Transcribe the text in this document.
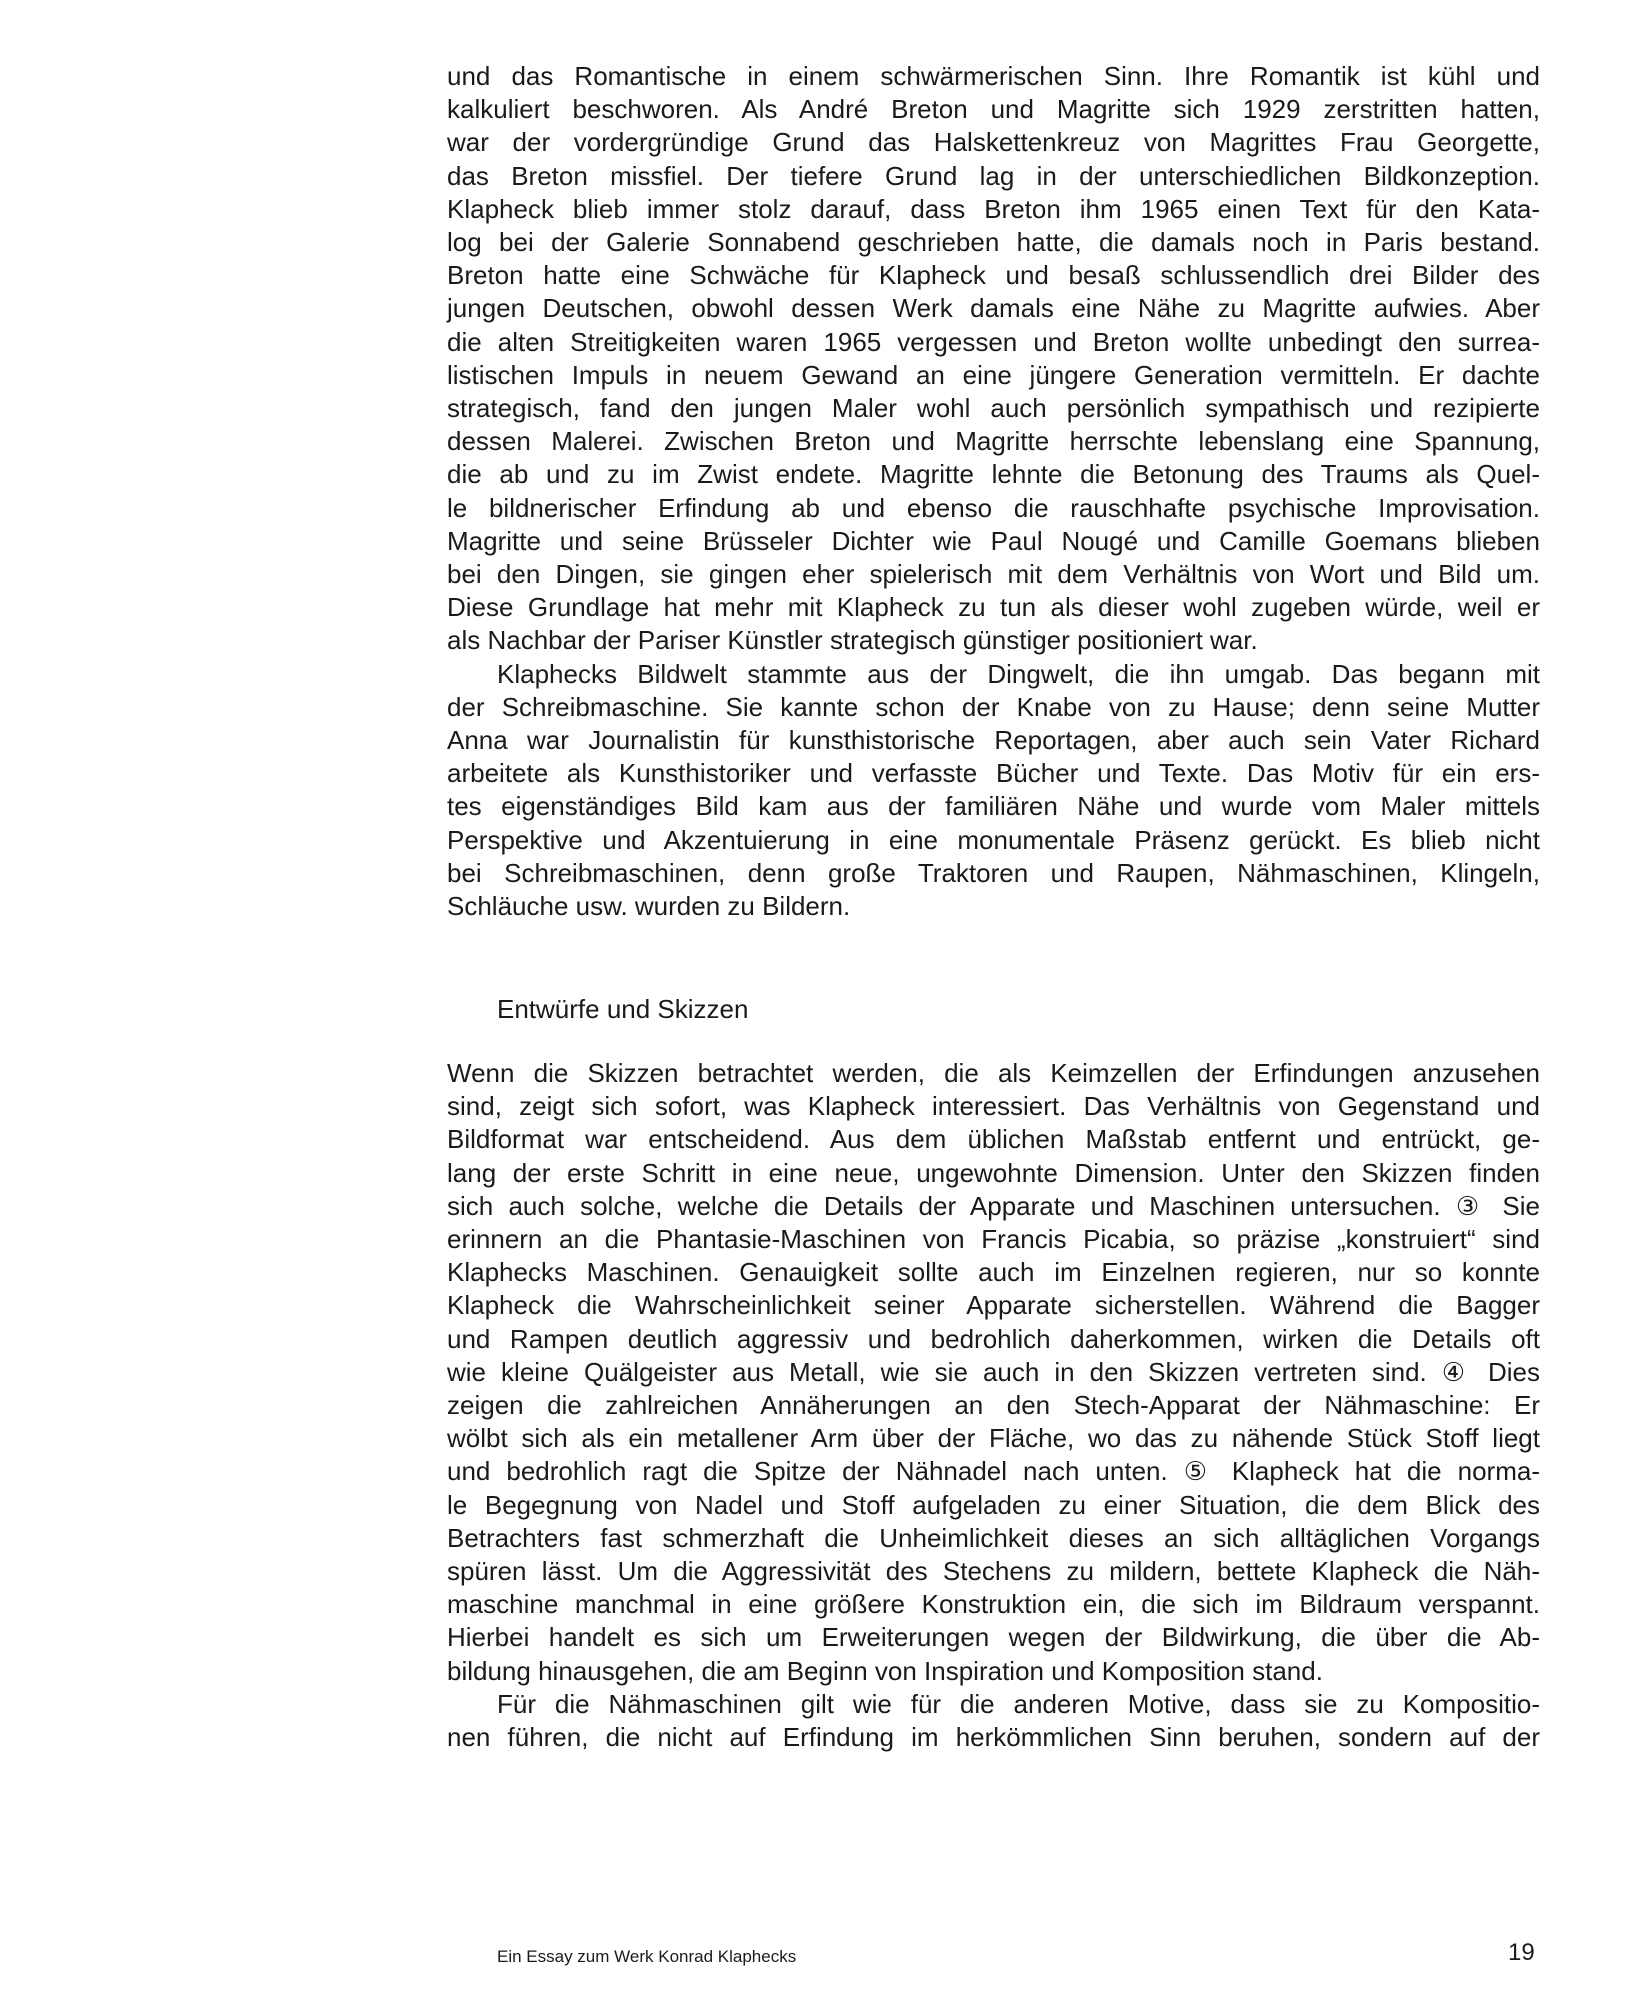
und das Romantische in einem schwärmerischen Sinn. Ihre Romantik ist kühl und
kalkuliert beschworen. Als André Breton und Magritte sich 1929 zerstritten hatten,
war der vordergründige Grund das Halskettenkreuz von Magrittes Frau Georgette,
das Breton missfiel. Der tiefere Grund lag in der unterschiedlichen Bildkonzeption.
Klapheck blieb immer stolz darauf, dass Breton ihm 1965 einen Text für den Kata-
log bei der Galerie Sonnabend geschrieben hatte, die damals noch in Paris bestand.
Breton hatte eine Schwäche für Klapheck und besaß schlussendlich drei Bilder des
jungen Deutschen, obwohl dessen Werk damals eine Nähe zu Magritte aufwies. Aber
die alten Streitigkeiten waren 1965 vergessen und Breton wollte unbedingt den surrea-
listischen Impuls in neuem Gewand an eine jüngere Generation vermitteln. Er dachte
strategisch, fand den jungen Maler wohl auch persönlich sympathisch und rezipierte
dessen Malerei. Zwischen Breton und Magritte herrschte lebenslang eine Spannung,
die ab und zu im Zwist endete. Magritte lehnte die Betonung des Traums als Quel-
le bildnerischer Erfindung ab und ebenso die rauschhafte psychische Improvisation.
Magritte und seine Brüsseler Dichter wie Paul Nougé und Camille Goemans blieben
bei den Dingen, sie gingen eher spielerisch mit dem Verhältnis von Wort und Bild um.
Diese Grundlage hat mehr mit Klapheck zu tun als dieser wohl zugeben würde, weil er
als Nachbar der Pariser Künstler strategisch günstiger positioniert war.

Klaphecks Bildwelt stammte aus der Dingwelt, die ihn umgab. Das begann mit
der Schreibmaschine. Sie kannte schon der Knabe von zu Hause; denn seine Mutter
Anna war Journalistin für kunsthistorische Reportagen, aber auch sein Vater Richard
arbeitete als Kunsthistoriker und verfasste Bücher und Texte. Das Motiv für ein ers-
tes eigenständiges Bild kam aus der familiären Nähe und wurde vom Maler mittels
Perspektive und Akzentuierung in eine monumentale Präsenz gerückt. Es blieb nicht
bei Schreibmaschinen, denn große Traktoren und Raupen, Nähmaschinen, Klingeln,
Schläuche usw. wurden zu Bildern.

Entwürfe und Skizzen

Wenn die Skizzen betrachtet werden, die als Keimzellen der Erfindungen anzusehen
sind, zeigt sich sofort, was Klapheck interessiert. Das Verhältnis von Gegenstand und
Bildformat war entscheidend. Aus dem üblichen Maßstab entfernt und entrückt, ge-
lang der erste Schritt in eine neue, ungewohnte Dimension. Unter den Skizzen finden
sich auch solche, welche die Details der Apparate und Maschinen untersuchen. ③ Sie
erinnern an die Phantasie-Maschinen von Francis Picabia, so präzise „konstruiert“ sind
Klaphecks Maschinen. Genauigkeit sollte auch im Einzelnen regieren, nur so konnte
Klapheck die Wahrscheinlichkeit seiner Apparate sicherstellen. Während die Bagger
und Rampen deutlich aggressiv und bedrohlich daherkommen, wirken die Details oft
wie kleine Quälgeister aus Metall, wie sie auch in den Skizzen vertreten sind. ④ Dies
zeigen die zahlreichen Annäherungen an den Stech-Apparat der Nähmaschine: Er
wölbt sich als ein metallener Arm über der Fläche, wo das zu nähende Stück Stoff liegt
und bedrohlich ragt die Spitze der Nähnadel nach unten. ⑤ Klapheck hat die norma-
le Begegnung von Nadel und Stoff aufgeladen zu einer Situation, die dem Blick des
Betrachters fast schmerzhaft die Unheimlichkeit dieses an sich alltäglichen Vorgangs
spüren lässt. Um die Aggressivität des Stechens zu mildern, bettete Klapheck die Näh-
maschine manchmal in eine größere Konstruktion ein, die sich im Bildraum verspannt.
Hierbei handelt es sich um Erweiterungen wegen der Bildwirkung, die über die Ab-
bildung hinausgehen, die am Beginn von Inspiration und Komposition stand.

Für die Nähmaschinen gilt wie für die anderen Motive, dass sie zu Kompositio-
nen führen, die nicht auf Erfindung im herkömmlichen Sinn beruhen, sondern auf der

Ein Essay zum Werk Konrad Klaphecks	19
